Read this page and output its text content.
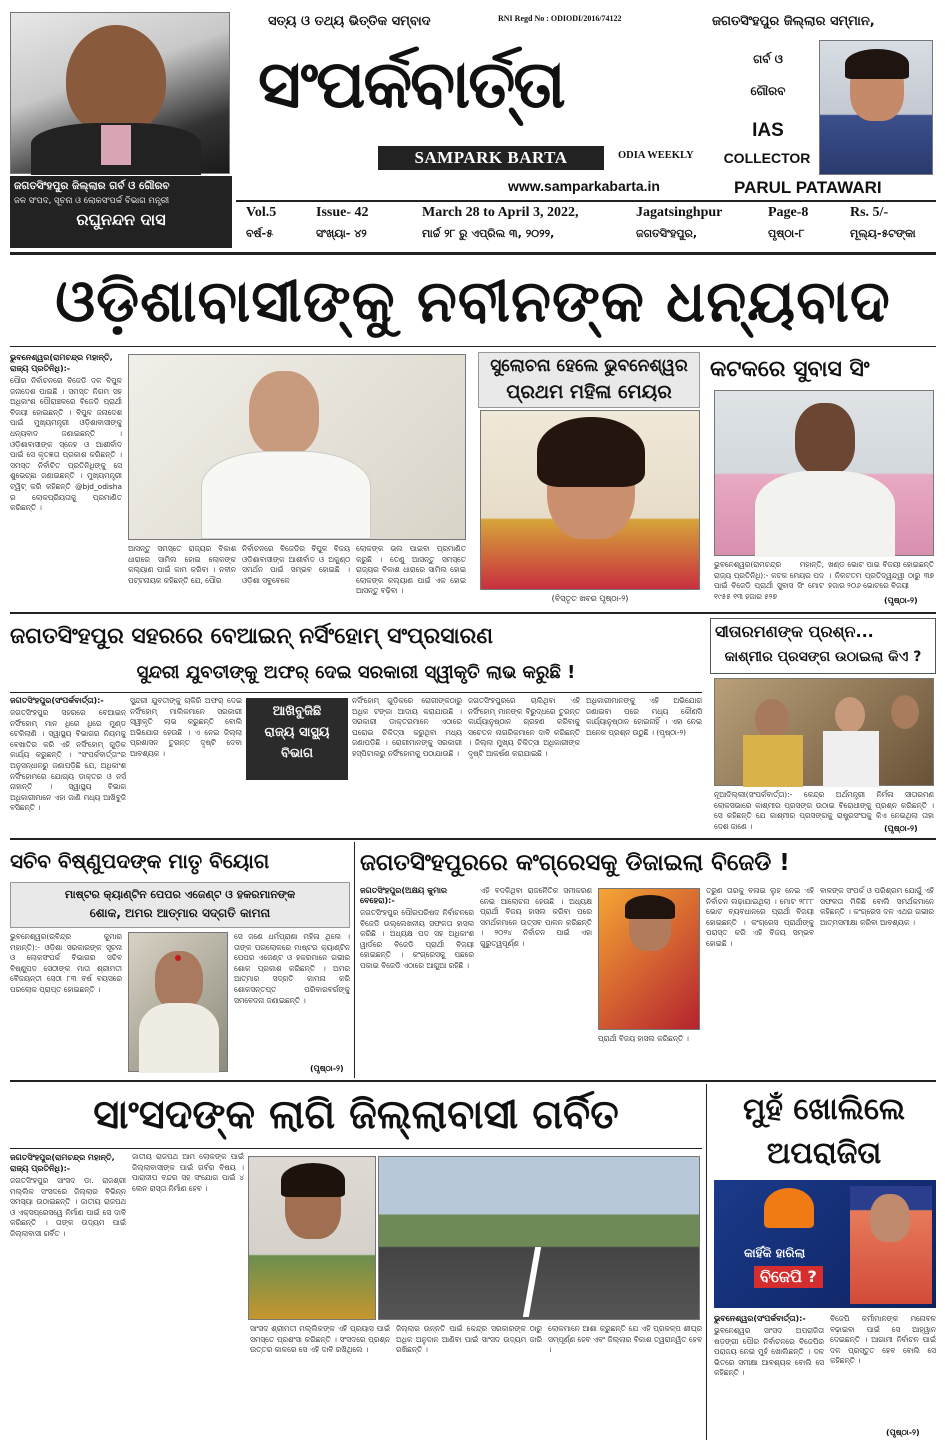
ଜଗତସିଂହପୁର ଜିଲ୍ଲାର ଗର୍ବ ଓ ଗୌରବ
ଜଳ ସଂପଦ, ସୂଚନା ଓ ଲୋକସଂପର୍କ ବିଭାଗ ମନ୍ତ୍ରୀ
ରଘୁନନ୍ଦନ ଦାସ
ସତ୍ୟ ଓ ତଥ୍ୟ ଭିତ୍ତିକ ସମ୍ବାଦ	RNI Regd No : ODIODI/2016/74122
ସଂପର୍କବାର୍ତ୍ତା
SAMPARK BARTA	ODIA WEEKLY
www.samparkabarta.in
ଜଗତସିଂହପୁର ଜିଲ୍ଲାର ସମ୍ମାନ,
ଗର୍ବ ଓ
ଗୌରବ
IAS
COLLECTOR
PARUL PATAWARI
Vol.5	Issue- 42	March 28 to April 3, 2022,	Jagatsinghpur	Page-8	Rs. 5/-
ବର୍ଷ-୫	ସଂଖ୍ୟା- ୪୨	ମାର୍ଚ୍ଚ ୨୮ ରୁ ଏପ୍ରିଲ ୩, ୨୦୨୨,	ଜଗତସିଂହପୁର,	ପୃଷ୍ଠା-୮	ମୂଲ୍ୟ-୫ଟଙ୍କା
ଓଡ଼ିଶାବାସୀଙ୍କୁ ନବୀନଙ୍କ ଧନ୍ୟବାଦ
ଭୁବନେଶ୍ୱର(ରାମଚନ୍ଦ୍ର ମହାନ୍ତି, ରାଜ୍ୟ ପ୍ରତିନିଧି):-
ପୌର ନିର୍ବାଚନରେ ବିଜେଡି ଦଳ ବିପୁଳ ଜନାଦେଶ ପାଇଛି । ସମସ୍ତ ନିଗମ ସହ ଅଧିକାଂଶ ପୌରାଞ୍ଚଳରେ ବିଜେଡି ପ୍ରାର୍ଥୀ ବିଜୟୀ ହୋଇଛନ୍ତି । ବିପୁଳ ଜନାଦେଶ ପାଇଁ ମୁଖ୍ୟମନ୍ତ୍ରୀ ଓଡ଼ିଶାବାସୀଙ୍କୁ ଧନ୍ୟବାଦ ଜଣାଇଛନ୍ତି । ଓଡ଼ିଶାବାସୀଙ୍କ ସ୍ନେହ ଓ ଆଶୀର୍ବାଦ ପାଇଁ ସେ କୃତଜ୍ଞତା ପ୍ରକାଶ କରିଛନ୍ତି । ସମସ୍ତ ନିର୍ବାଚିତ ପ୍ରତିନିଧିଙ୍କୁ ସେ ଶୁଭେଚ୍ଛା ଜଣାଇଛନ୍ତି । ମୁଖ୍ୟମନ୍ତ୍ରୀ ଟ୍ୱିଟ୍ କରି କହିଛନ୍ତି @bjd_odisha ର ଲୋକପ୍ରିୟତାକୁ ପ୍ରମାଣିତ କରିଛନ୍ତି ।
ଆସନ୍ତୁ ସମସ୍ତେ ରାଜ୍ୟର ବିକାଶ ଧାରାରେ ସାମିଲ ହୋଇ ଲୋକଙ୍କ କଲ୍ୟାଣ ପାଇଁ କାମ କରିବା । ନବୀନ ପଟ୍ଟନାୟକ କହିଛନ୍ତି ଯେ, ପୌର
ନିର୍ବାଚନରେ ବିଜେଡିର ବିପୁଳ ବିଜୟ ଓଡ଼ିଶାବାସୀଙ୍କ ଆଶୀର୍ବାଦ ଓ ଅକୁଣ୍ଠ ସମର୍ଥନ ପାଇଁ ସମ୍ଭବ ହୋଇଛି । ଓଡ଼ିଶା ସବୁବେଳେ
ଲୋକଙ୍କ ଭଲ ପାଇବା ପ୍ରମାଣିତ କରୁଛି । ତେଣୁ ଆସନ୍ତୁ ସମସ୍ତେ ରାଜ୍ୟର ବିକାଶ ଧାରାରେ ସାମିଲ ହୋଇ ଲୋକଙ୍କ କଲ୍ୟାଣ ପାଇଁ ଏକ ହୋଇ ଆସନ୍ତୁ ବଢ଼ିବା ।
ସୁଲୋଚନା ହେଲେ ଭୁବନେଶ୍ୱର
ପ୍ରଥମ ମହିଳା ମେୟର
(ବିସ୍ତୃତ ଖବର ପୃଷ୍ଠା-୨)
କଟକରେ ସୁବାସ ସିଂ
ଭୁବନେଶ୍ୱର(ରାମଚନ୍ଦ୍ର ମହାନ୍ତି, ରାଜ୍ୟ ପ୍ରତିନିଧି):- କଟକ ମେୟର ପଦ ପାଇଁ ବିଜେଡି ପ୍ରାର୍ଥୀ ସୁବାସ ସିଂ ମୋଟ ୧୯୫୫ ୧୩ ହଜାର ୫୨୭
ଖଣ୍ଡ ଭୋଟ ପାଇ ବିଜୟୀ ହୋଇଛନ୍ତି । ନିକଟତମ ପ୍ରତିଦ୍ୱନ୍ଦ୍ୱୀ ଠାରୁ ୩୭ ହଜାର ୨୦୬ ଭୋଟରେ ବିଜୟୀ
(ପୃଷ୍ଠା-୨)
ଜଗତସିଂହପୁର ସହରରେ ବେଆଇନ୍ ନର୍ସିଂହୋମ୍ ସଂପ୍ରସାରଣ
ସୁନ୍ଦରୀ ଯୁବତୀଙ୍କୁ ଅଫର୍ ଦେଇ ସରକାରୀ ସ୍ୱୀକୃତି ଲାଭ କରୁଛି !
ଜଗତସିଂହପୁର(ସଂପର୍କବାର୍ତ୍ତା):-
ଜଗତସିଂହପୁର ସହରରେ ବେଆଇନ୍ ନର୍ସିଂହୋମ୍ ମାନ ଧିରେ ଧିରେ ମୁଣ୍ଡ ଟେକିଲାଣି । ସ୍ୱାସ୍ଥ୍ୟ ବିଭାଗର ନିୟମକୁ ବେଖାତିର କରି ଏହି ନର୍ସିଂହୋମ୍ ଗୁଡ଼ିକ କାର୍ଯ୍ୟ କରୁଛନ୍ତି । "ସଂପର୍କବାର୍ତ୍ତା"ର ଅନୁସନ୍ଧାନରୁ ଜଣାପଡ଼ିଛି ଯେ, ଅଧିକାଂଶ ନର୍ସିଂହୋମରେ ଯୋଗ୍ୟ ଡାକ୍ତର ଓ ନର୍ସ ନାହାନ୍ତି । ସ୍ୱାସ୍ଥ୍ୟ ବିଭାଗ ଅଧିକାରୀମାନେ ଏହା ଜାଣି ମଧ୍ୟ ଆଖିବୁଜି ବସିଛନ୍ତି ।
ସୁନ୍ଦରୀ ଯୁବତୀଙ୍କୁ ଚାକିରି ଅଫର୍ ଦେଇ ନର୍ସିଂହୋମ୍ ମାଲିକମାନେ ସରକାରୀ ସ୍ୱୀକୃତି ଲାଭ କରୁଛନ୍ତି ବୋଲି ଅଭିଯୋଗ ହେଉଛି । ଏ ନେଇ ଜିଲ୍ଲା ପ୍ରଶାସନ ତୁରନ୍ତ ଦୃଷ୍ଟି ଦେବା ଆବଶ୍ୟକ ।
ଆଖିବୁଜିଛି
ରାଜ୍ୟ ସାସ୍ଥ୍ୟ
ବିଭାଗ
ନର୍ସିଂହୋମ୍ ଗୁଡ଼ିକରେ ରୋଗୀଙ୍କଠାରୁ ଅଧିକ ଟଙ୍କା ଆଦାୟ କରାଯାଉଛି । ସରକାରୀ ଡାକ୍ତରମାନେ ଏଠାରେ ଘରୋଇ ଚିକିତ୍ସା କରୁଥିବା ମଧ୍ୟ ଜଣାପଡ଼ିଛି । ରୋଗୀମାନଙ୍କୁ ସରକାରୀ ହସ୍ପିଟାଲରୁ ନର୍ସିଂହୋମକୁ ପଠାଯାଉଛି ।
ଜଗତସିଂହପୁରରେ ଚାଲିଥିବା ଏହି ନର୍ସିଂହୋମ୍ ମାନଙ୍କ ବିରୁଦ୍ଧରେ ତୁରନ୍ତ କାର୍ଯ୍ୟାନୁଷ୍ଠାନ ଗ୍ରହଣ କରିବାକୁ ସଚେତନ ନାଗରିକମାନେ ଦାବି କରିଛନ୍ତି । ଜିଲ୍ଲା ମୁଖ୍ୟ ଚିକିତ୍ସା ଅଧିକାରୀଙ୍କ ଦୃଷ୍ଟି ଆକର୍ଷଣ କରାଯାଇଛି ।
ଅଧିକାରୀମାନଙ୍କୁ ଏହି ଅଭିଯୋଗ ଜଣାଇବା ପରେ ମଧ୍ୟ କୌଣସି କାର୍ଯ୍ୟାନୁଷ୍ଠାନ ହୋଇନାହିଁ । ଏହା ନେଇ ଅନେକ ପ୍ରଶ୍ନ ଉଠୁଛି । (ପୃଷ୍ଠା-୨)
ସୀତାରମଣଙ୍କ ପ୍ରଶ୍ନ...
କାଶ୍ମୀର ପ୍ରସଙ୍ଗ ଉଠାଇଲା କିଏ ?
ନୂଆଦିଲ୍ଲୀ(ସଂପର୍କବାର୍ତ୍ତା):- କେନ୍ଦ୍ର ଅର୍ଥମନ୍ତ୍ରୀ ନିର୍ମଳା ସୀତାରମଣ ଲୋକସଭାରେ କାଶ୍ମୀର ପ୍ରସଙ୍ଗ ଉଠାଇ ବିରୋଧୀଙ୍କୁ ପ୍ରଶ୍ନ କରିଛନ୍ତି । ସେ କହିଛନ୍ତି ଯେ କାଶ୍ମୀର ପ୍ରସଙ୍ଗକୁ ରାଷ୍ଟ୍ରସଂଘକୁ କିଏ ନେଇଥିଲା ତାହା ଦେଶ ଜାଣେ ।	(ପୃଷ୍ଠା-୨)
ସଚିବ ବିଷ୍ଣୁପଦଙ୍କ ମାତୃ ବିୟୋଗ
ମାଷ୍ଟର କ୍ୟାଣ୍ଟିନ ପେପର ଏଜେଣ୍ଟ ଓ ହକରମାନଙ୍କ
ଶୋକ, ଅମର ଆତ୍ମାର ସଦ୍‌ଗତି କାମନା
ଭୁବନେଶ୍ୱର(ରବିନ୍ଦ୍ର କୁମାର ମହାନ୍ତି):- ଓଡ଼ିଶା ସରକାରଙ୍କ ସୂଚନା ଓ ଲୋକସଂପର୍କ ବିଭାଗର ସଚିବ ବିଷ୍ଣୁପଦ ସେଠୀଙ୍କ ମାତା ଶ୍ରୀମତୀ ବୈଜୟନ୍ତୀ ସେଠୀ ୮୩ ବର୍ଷ ବୟସରେ ପରଲୋକ ପ୍ରାପ୍ତ ହୋଇଛନ୍ତି ।
ସେ ଜଣେ ଧର୍ମପ୍ରାଣା ମହିଳା ଥିଲେ । ତାଙ୍କ ପରଲୋକରେ ମାଷ୍ଟର କ୍ୟାଣ୍ଟିନ ପେପର ଏଜେଣ୍ଟ ଓ ହକରମାନେ ଗଭୀର ଶୋକ ପ୍ରକାଶ କରିଛନ୍ତି । ଅମର ଆତ୍ମାର ସଦ୍‌ଗତି କାମନା କରି ଶୋକସନ୍ତପ୍ତ ପରିବାରବର୍ଗଙ୍କୁ ସମବେଦନା ଜଣାଇଛନ୍ତି ।
(ପୃଷ୍ଠା-୨)
ଜଗତସିଂହପୁରରେ କଂଗ୍ରେସକୁ ଡିଜାଇଲା ବିଜେଡି !
ଜଗତସିଂହପୁର(ଅକ୍ଷୟ କୁମାର ବେହେରା):-
ଜଗତସିଂହପୁର ପୌରପରିଷଦ ନିର୍ବାଚନରେ ବିଜେଡି ଉଲ୍ଲେଖନୀୟ ସଫଳତା ହାସଲ କରିଛି । ଅଧ୍ୟକ୍ଷ ପଦ ସହ ଅଧିକାଂଶ ୱାର୍ଡରେ ବିଜେଡି ପ୍ରାର୍ଥୀ ବିଜୟୀ ହୋଇଛନ୍ତି । କଂଗ୍ରେସକୁ ପଛରେ ପକାଇ ବିଜେଡି ଏଠାରେ ଆଗୁଆ ରହିଛି ।
ଏହି ବଦଳିଥିବା ରାଜନୈତିକ ସମୀକରଣ ନେଇ ଆଲୋଚନା ହେଉଛି । ଅଧ୍ୟକ୍ଷ ପ୍ରାର୍ଥୀ ବିଜୟ ହାସଲ କରିବା ପରେ ସମର୍ଥକମାନେ ଉତ୍ସବ ପାଳନ କରିଛନ୍ତି । ୨୦୨୪ ନିର୍ବାଚନ ପାଇଁ ଏହା ଗୁରୁତ୍ୱପୂର୍ଣ୍ଣ ।
ପ୍ରାର୍ଥୀ ବିଜୟ ହାସଲ କରିଛନ୍ତି ।
ତରୁଣ ତାରକୁ ବଳାଇ ଲୁହ ନେଇ ଏହି ନିର୍ବାଚନ ଲଢ଼ାଯାଇଥିଲା । ମୋଟ ୨୮୮୮ ଭୋଟ ବ୍ୟବଧାନରେ ପ୍ରାର୍ଥୀ ବିଜୟୀ ହୋଇଛନ୍ତି । କଂଗ୍ରେସ ପ୍ରାର୍ଥୀଙ୍କୁ ପରାସ୍ତ କରି ଏହି ବିଜୟ ସମ୍ଭବ ହୋଇଛି ।
ବାଳଙ୍କ ସଂପର୍କ ଓ ପରିଶ୍ରମ ଯୋଗୁଁ ଏହି ସଫଳତା ମିଳିଛି ବୋଲି ସମର୍ଥକମାନେ କହିଛନ୍ତି । କଂଗ୍ରେସ ଦଳ ଏଥର ଗଭୀର ଆତ୍ମସମୀକ୍ଷା କରିବା ଆବଶ୍ୟକ ।
ସାଂସଦଙ୍କ ଲାଗି ଜିଲ୍ଲାବାସୀ ଗର୍ବିତ
ଜଗତସିଂହପୁର(ରାମଚନ୍ଦ୍ର ମହାନ୍ତି, ରାଜ୍ୟ ପ୍ରତିନିଧି):-
ଜଗତସିଂହପୁର ସାଂସଦ ଡା. ରାଜଶ୍ରୀ ମଲ୍ଲିକ ସଂସଦରେ ଜିଲ୍ଲାର ବିଭିନ୍ନ ସମସ୍ୟା ଉଠାଇଛନ୍ତି । ଜାତୀୟ ରାଜପଥ ଓ ଏକ୍ସପ୍ରେସୱେ ନିର୍ମାଣ ପାଇଁ ସେ ଦାବି କରିଛନ୍ତି । ତାଙ୍କ ଉଦ୍ୟମ ପାଇଁ ଜିଲ୍ଲାବାସୀ ଗର୍ବିତ ।
ଜାତୀୟ ରାଜପଥ ଆମ ଲୋକଙ୍କ ପାଇଁ ଜିଲ୍ଲାବାସୀଙ୍କ ପାଇଁ ଗର୍ବର ବିଷୟ । ପାରାଦୀପ ବନ୍ଦର ସହ ସଂଯୋଗ ପାଇଁ ୪ ଲେନ ରାସ୍ତା ନିର୍ମାଣ ହେବ ।
ସାଂସଦ ଶ୍ରୀମତୀ ମଲ୍ଲିକଙ୍କ ଏହି ପ୍ରୟାସ ପାଇଁ ସମସ୍ତେ ପ୍ରଶଂସା କରିଛନ୍ତି । ସଂସଦରେ ପ୍ରଶ୍ନ ଉତ୍ତର କାଳରେ ସେ ଏହି ଦାବି ରଖିଥିଲେ ।
ଜିଲ୍ଲାର ଉନ୍ନତି ପାଇଁ କେନ୍ଦ୍ର ସରକାରଙ୍କ ଠାରୁ ଅଧିକ ଅନୁଦାନ ଆଣିବା ପାଇଁ ସାଂସଦ ଉଦ୍ୟମ ଜାରି ରଖିଛନ୍ତି ।
ଲୋକମାନେ ଆଶା କରୁଛନ୍ତି ଯେ ଏହି ପ୍ରକଳ୍ପ ଶୀଘ୍ର ସମ୍ପୂର୍ଣ୍ଣ ହେବ ଏବଂ ଜିଲ୍ଲାର ବିକାଶ ତ୍ୱରାନ୍ୱିତ ହେବ ।
ମୁହଁ ଖୋଲିଲେ
ଅପରାଜିତା
କାହିଁକି ହାରିଲା
ବିଜେପି ?
ଭୁବନେଶ୍ୱର(ସଂପର୍କବାର୍ତ୍ତା):-
ଭୁବନେଶ୍ୱର ସାଂସଦ ଅପରାଜିତା ଷଡ଼ଙ୍ଗୀ ପୌର ନିର୍ବାଚନରେ ବିଜେପିର ପରାଜୟ ନେଇ ମୁହଁ ଖୋଲିଛନ୍ତି । ଦଳ ଭିତରେ ସମୀକ୍ଷା ଆବଶ୍ୟକ ବୋଲି ସେ କହିଛନ୍ତି ।
ବିଜେପି କର୍ମୀମାନଙ୍କ ମନୋବଳ ବଢ଼ାଇବା ପାଇଁ ସେ ଆହ୍ୱାନ ଦେଇଛନ୍ତି । ଆଗାମୀ ନିର୍ବାଚନ ପାଇଁ ଦଳ ପ୍ରସ୍ତୁତ ହେବ ବୋଲି ସେ କହିଛନ୍ତି ।
(ପୃଷ୍ଠା-୨)
